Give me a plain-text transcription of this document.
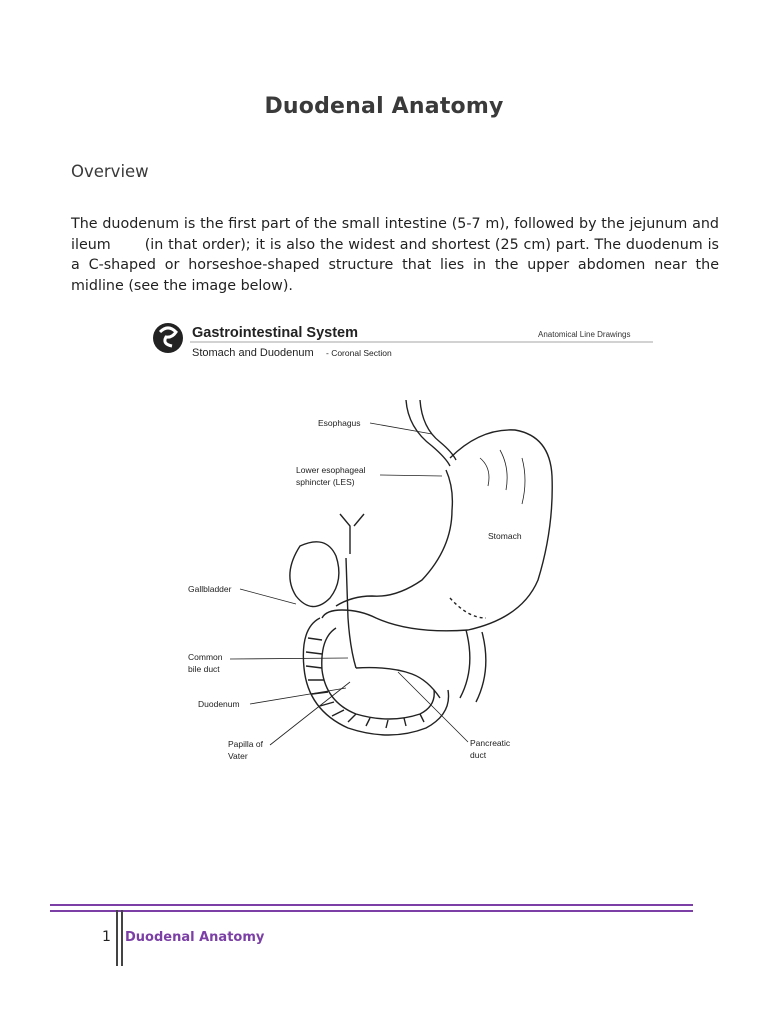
Duodenal Anatomy
Overview
The duodenum is the first part of the small intestine (5-7 m), followed by the jejunum and ileum       (in that order); it is also the widest and shortest (25 cm) part. The duodenum is a C-shaped or horseshoe-shaped structure that lies in the upper abdomen near the midline (see the image below).
Gastrointestinal System
Stomach and Duodenum - Coronal Section
Anatomical Line Drawings
Esophagus
Lower esophageal
sphincter (LES)
Stomach
Gallbladder
Common
bile duct
Duodenum
Papilla of
Vater
Pancreatic
duct
1 Duodenal Anatomy
